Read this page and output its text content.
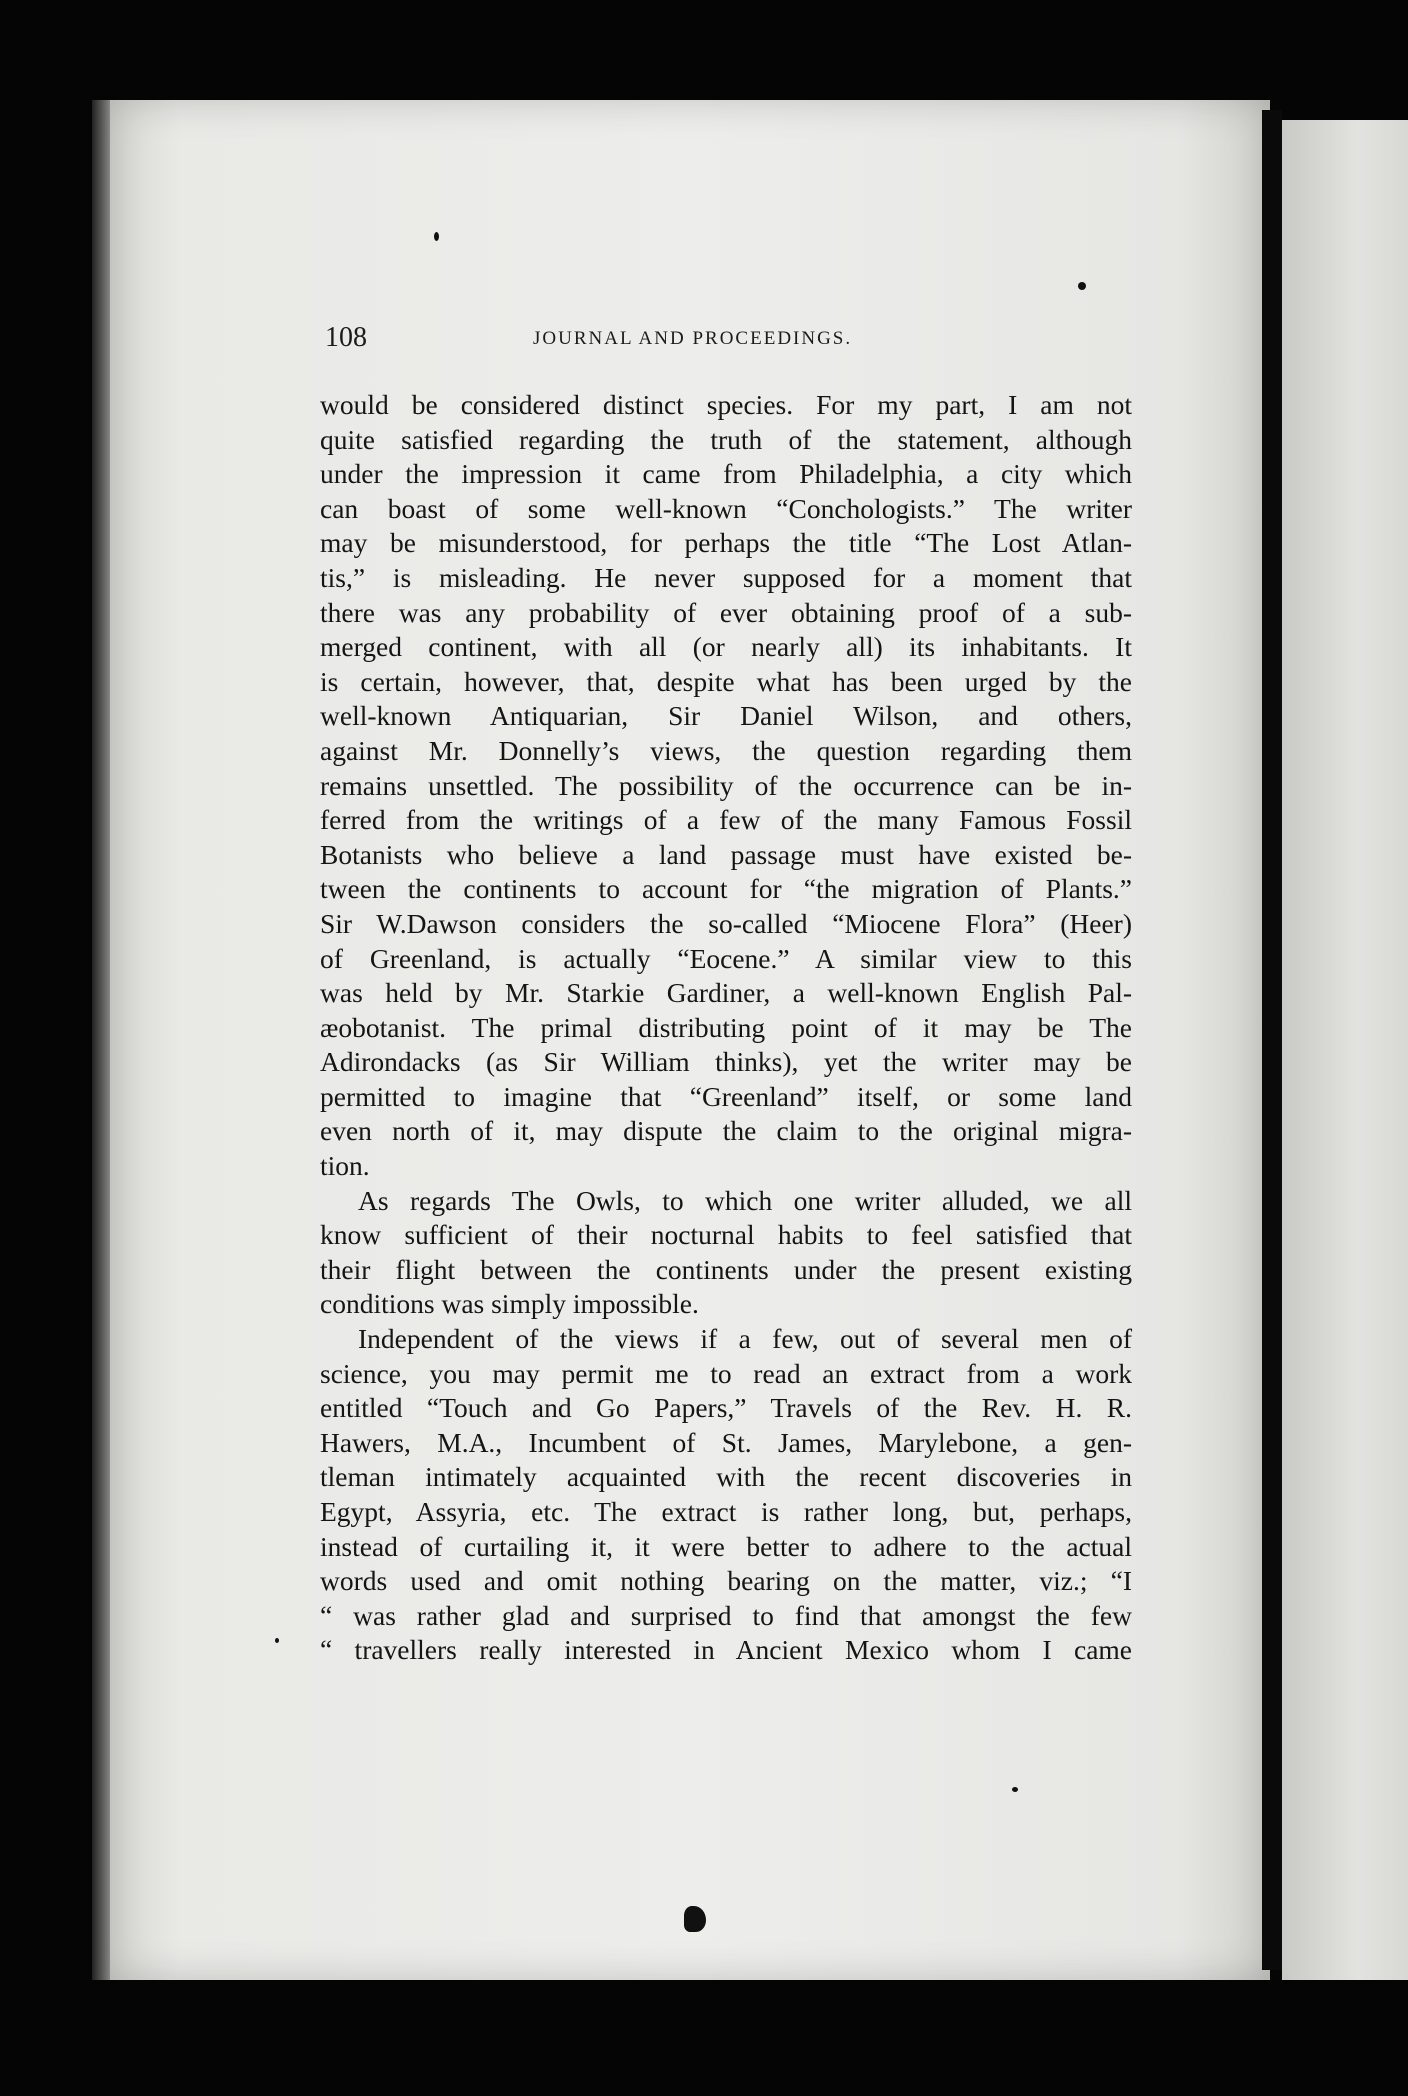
108	JOURNAL AND PROCEEDINGS.
would be considered distinct species. For my part, I am not
quite satisfied regarding the truth of the statement, although
under the impression it came from Philadelphia, a city which
can boast of some well-known “Conchologists.” The writer
may be misunderstood, for perhaps the title “The Lost Atlan-
tis,” is misleading. He never supposed for a moment that
there was any probability of ever obtaining proof of a sub-
merged continent, with all (or nearly all) its inhabitants. It
is certain, however, that, despite what has been urged by the
well-known Antiquarian, Sir Daniel Wilson, and others,
against Mr. Donnelly’s views, the question regarding them
remains unsettled. The possibility of the occurrence can be in-
ferred from the writings of a few of the many Famous Fossil
Botanists who believe a land passage must have existed be-
tween the continents to account for “the migration of Plants.”
Sir W.Dawson considers the so-called “Miocene Flora” (Heer)
of Greenland, is actually “Eocene.” A similar view to this
was held by Mr. Starkie Gardiner, a well-known English Pal-
æobotanist. The primal distributing point of it may be The
Adirondacks (as Sir William thinks), yet the writer may be
permitted to imagine that “Greenland” itself, or some land
even north of it, may dispute the claim to the original migra-
tion.
As regards The Owls, to which one writer alluded, we all
know sufficient of their nocturnal habits to feel satisfied that
their flight between the continents under the present existing
conditions was simply impossible.
Independent of the views if a few, out of several men of
science, you may permit me to read an extract from a work
entitled “Touch and Go Papers,” Travels of the Rev. H. R.
Hawers, M.A., Incumbent of St. James, Marylebone, a gen-
tleman intimately acquainted with the recent discoveries in
Egypt, Assyria, etc. The extract is rather long, but, perhaps,
instead of curtailing it, it were better to adhere to the actual
words used and omit nothing bearing on the matter, viz.; “I
“ was rather glad and surprised to find that amongst the few
“ travellers really interested in Ancient Mexico whom I came
